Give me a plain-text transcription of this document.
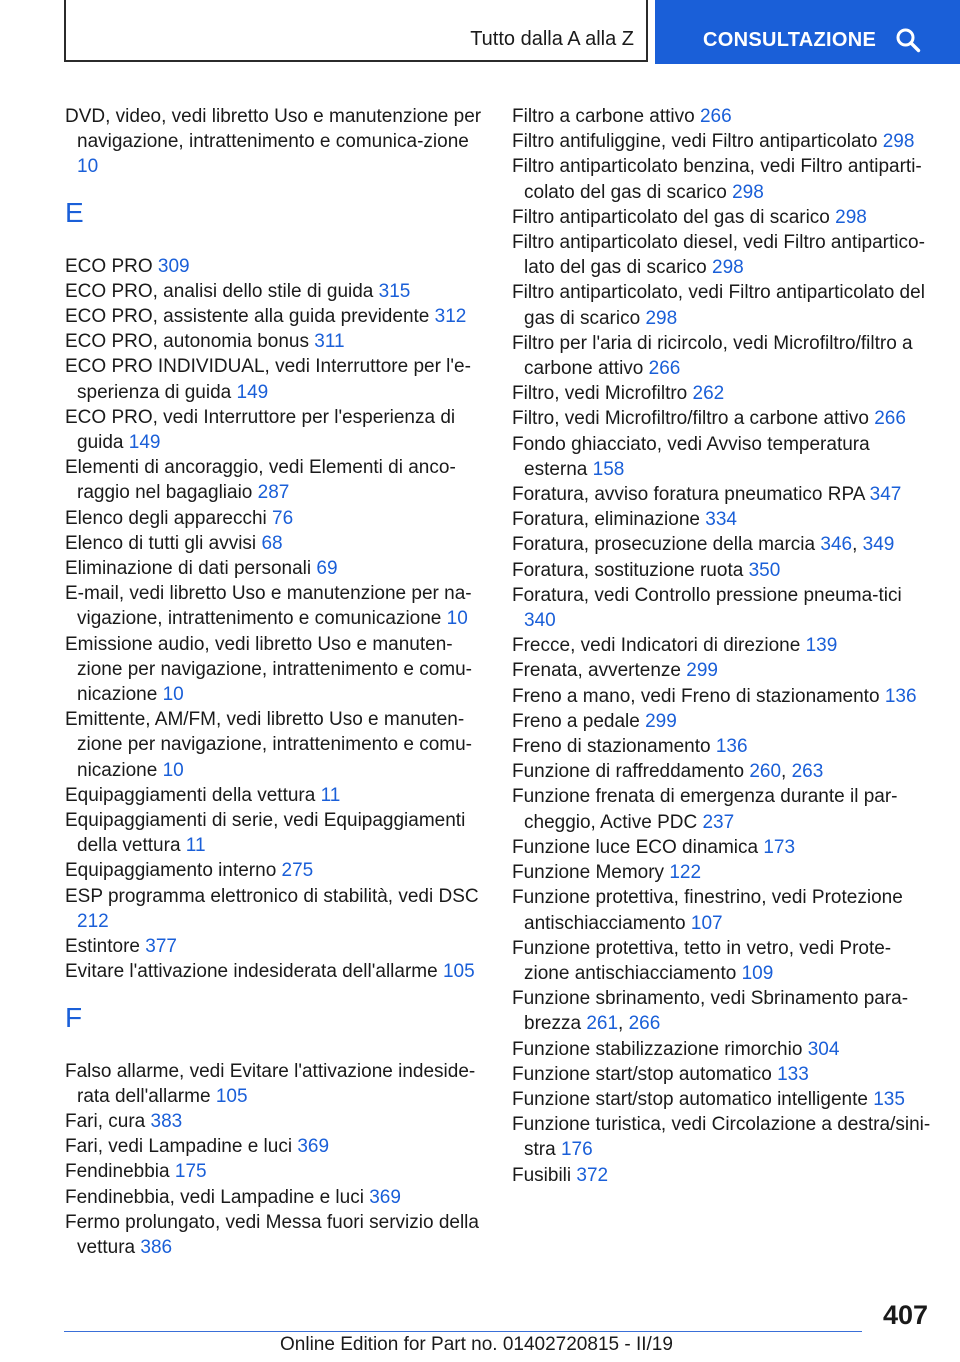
Tutto dalla A alla Z	CONSULTAZIONE

DVD, video, vedi libretto Uso e manutenzione per navigazione, intrattenimento e comunica-zione 10

E

ECO PRO 309

ECO PRO, analisi dello stile di guida 315

ECO PRO, assistente alla guida previdente 312

ECO PRO, autonomia bonus 311

ECO PRO INDIVIDUAL, vedi Interruttore per l'e-sperienza di guida 149

ECO PRO, vedi Interruttore per l'esperienza di guida 149

Elementi di ancoraggio, vedi Elementi di anco-raggio nel bagagliaio 287

Elenco degli apparecchi 76

Elenco di tutti gli avvisi 68

Eliminazione di dati personali 69

E-mail, vedi libretto Uso e manutenzione per na-vigazione, intrattenimento e comunicazione 10

Emissione audio, vedi libretto Uso e manuten-zione per navigazione, intrattenimento e comu-nicazione 10

Emittente, AM/FM, vedi libretto Uso e manuten-zione per navigazione, intrattenimento e comu-nicazione 10

Equipaggiamenti della vettura 11

Equipaggiamenti di serie, vedi Equipaggiamenti della vettura 11

Equipaggiamento interno 275

ESP programma elettronico di stabilità, vedi DSC 212

Estintore 377

Evitare l'attivazione indesiderata dell'allarme 105

F

Falso allarme, vedi Evitare l'attivazione indeside-rata dell'allarme 105

Fari, cura 383

Fari, vedi Lampadine e luci 369

Fendinebbia 175

Fendinebbia, vedi Lampadine e luci 369

Fermo prolungato, vedi Messa fuori servizio della vettura 386

Filtro a carbone attivo 266

Filtro antifuliggine, vedi Filtro antiparticolato 298

Filtro antiparticolato benzina, vedi Filtro antiparti-colato del gas di scarico 298

Filtro antiparticolato del gas di scarico 298

Filtro antiparticolato diesel, vedi Filtro antipartico-lato del gas di scarico 298

Filtro antiparticolato, vedi Filtro antiparticolato del gas di scarico 298

Filtro per l'aria di ricircolo, vedi Microfiltro/filtro a carbone attivo 266

Filtro, vedi Microfiltro 262

Filtro, vedi Microfiltro/filtro a carbone attivo 266

Fondo ghiacciato, vedi Avviso temperatura esterna 158

Foratura, avviso foratura pneumatico RPA 347

Foratura, eliminazione 334

Foratura, prosecuzione della marcia 346, 349

Foratura, sostituzione ruota 350

Foratura, vedi Controllo pressione pneuma-tici 340

Frecce, vedi Indicatori di direzione 139

Frenata, avvertenze 299

Freno a mano, vedi Freno di stazionamento 136

Freno a pedale 299

Freno di stazionamento 136

Funzione di raffreddamento 260, 263

Funzione frenata di emergenza durante il par-cheggio, Active PDC 237

Funzione luce ECO dinamica 173

Funzione Memory 122

Funzione protettiva, finestrino, vedi Protezione antischiacciamento 107

Funzione protettiva, tetto in vetro, vedi Prote-zione antischiacciamento 109

Funzione sbrinamento, vedi Sbrinamento para-brezza 261, 266

Funzione stabilizzazione rimorchio 304

Funzione start/stop automatico 133

Funzione start/stop automatico intelligente 135

Funzione turistica, vedi Circolazione a destra/sini-stra 176

Fusibili 372

407
Online Edition for Part no. 01402720815 - II/19
